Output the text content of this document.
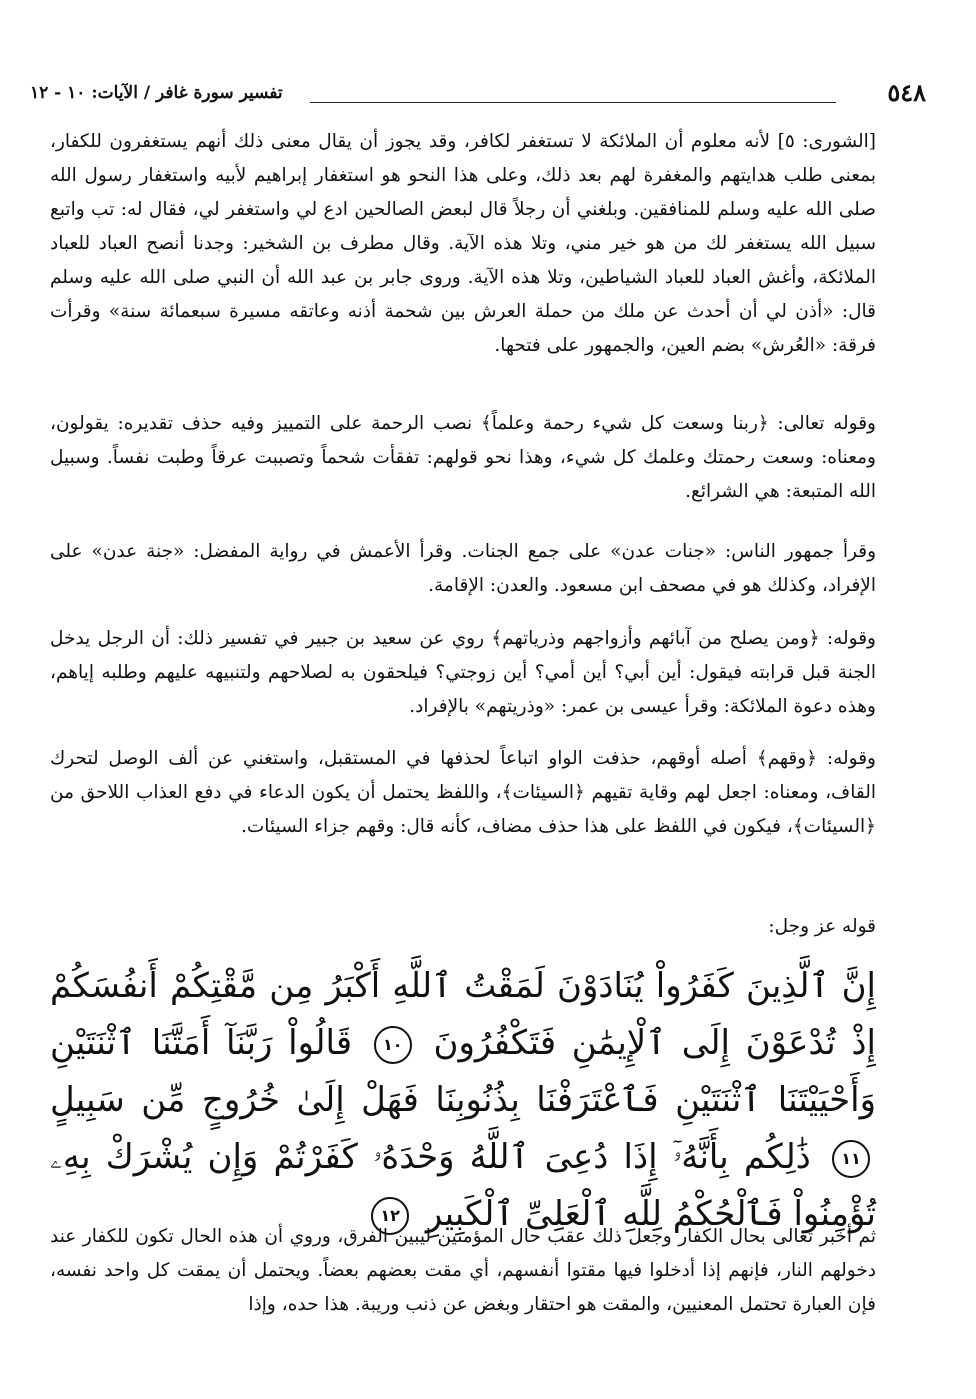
٥٤٨
تفسير سورة غافر / الآيات: ١٠ - ١٢

[الشورى: ٥] لأنه معلوم أن الملائكة لا تستغفر لكافر، وقد يجوز أن يقال معنى ذلك أنهم يستغفرون للكفار، بمعنى طلب هدايتهم والمغفرة لهم بعد ذلك، وعلى هذا النحو هو استغفار إبراهيم لأبيه واستغفار رسول الله صلى الله عليه وسلم للمنافقين. وبلغني أن رجلاً قال لبعض الصالحين ادع لي واستغفر لي، فقال له: تب واتبع سبيل الله يستغفر لك من هو خير مني، وتلا هذه الآية. وقال مطرف بن الشخير: وجدنا أنصح العباد للعباد الملائكة، وأغش العباد للعباد الشياطين، وتلا هذه الآية. وروى جابر بن عبد الله أن النبي صلى الله عليه وسلم قال: «أذن لي أن أحدث عن ملك من حملة العرش بين شحمة أذنه وعاتقه مسيرة سبعمائة سنة» وقرأت فرقة: «العُرش» بضم العين، والجمهور على فتحها.

وقوله تعالى: ﴿ربنا وسعت كل شيء رحمة وعلماً﴾ نصب الرحمة على التمييز وفيه حذف تقديره: يقولون، ومعناه: وسعت رحمتك وعلمك كل شيء، وهذا نحو قولهم: تفقأت شحماً وتصببت عرقاً وطبت نفساً. وسبيل الله المتبعة: هي الشرائع.

وقرأ جمهور الناس: «جنات عدن» على جمع الجنات. وقرأ الأعمش في رواية المفضل: «جنة عدن» على الإفراد، وكذلك هو في مصحف ابن مسعود. والعدن: الإقامة.

وقوله: ﴿ومن يصلح من آبائهم وأزواجهم وذرياتهم﴾ روي عن سعيد بن جبير في تفسير ذلك: أن الرجل يدخل الجنة قبل قرابته فيقول: أين أبي؟ أين أمي؟ أين زوجتي؟ فيلحقون به لصلاحهم ولتنبيهه عليهم وطلبه إياهم، وهذه دعوة الملائكة: وقرأ عيسى بن عمر: «وذريتهم» بالإفراد.

وقوله: ﴿وقهم﴾ أصله أوقهم، حذفت الواو اتباعاً لحذفها في المستقبل، واستغني عن ألف الوصل لتحرك القاف، ومعناه: اجعل لهم وقاية تقيهم ﴿السيئات﴾، واللفظ يحتمل أن يكون الدعاء في دفع العذاب اللاحق من ﴿السيئات﴾، فيكون في اللفظ على هذا حذف مضاف، كأنه قال: وقهم جزاء السيئات.

قوله عز وجل:

إِنَّ ٱلَّذِينَ كَفَرُواْ يُنَادَوْنَ لَمَقْتُ ٱللَّهِ أَكْبَرُ مِن مَّقْتِكُمْ أَنفُسَكُمْ إِذْ تُدْعَوْنَ إِلَى ٱلْإِيمَٰنِ فَتَكْفُرُونَ ١٠ قَالُواْ رَبَّنَآ أَمَتَّنَا ٱثْنَتَيْنِ وَأَحْيَيْتَنَا ٱثْنَتَيْنِ فَٱعْتَرَفْنَا بِذُنُوبِنَا فَهَلْ إِلَىٰ خُرُوجٍ مِّن سَبِيلٍ ١١ ذَٰلِكُم بِأَنَّهُۥٓ إِذَا دُعِىَ ٱللَّهُ وَحْدَهُۥ كَفَرْتُمْ وَإِن يُشْرَكْ بِهِۦ تُؤْمِنُواْ فَٱلْحُكْمُ لِلَّهِ ٱلْعَلِىِّ ٱلْكَبِيرِ ١٢

ثم أخبر تعالى بحال الكفار وجعل ذلك عقب حال المؤمنين ليبين الفرق، وروي أن هذه الحال تكون للكفار عند دخولهم النار، فإنهم إذا أدخلوا فيها مقتوا أنفسهم، أي مقت بعضهم بعضاً. ويحتمل أن يمقت كل واحد نفسه، فإن العبارة تحتمل المعنيين، والمقت هو احتقار وبغض عن ذنب وريبة. هذا حده، وإذا
